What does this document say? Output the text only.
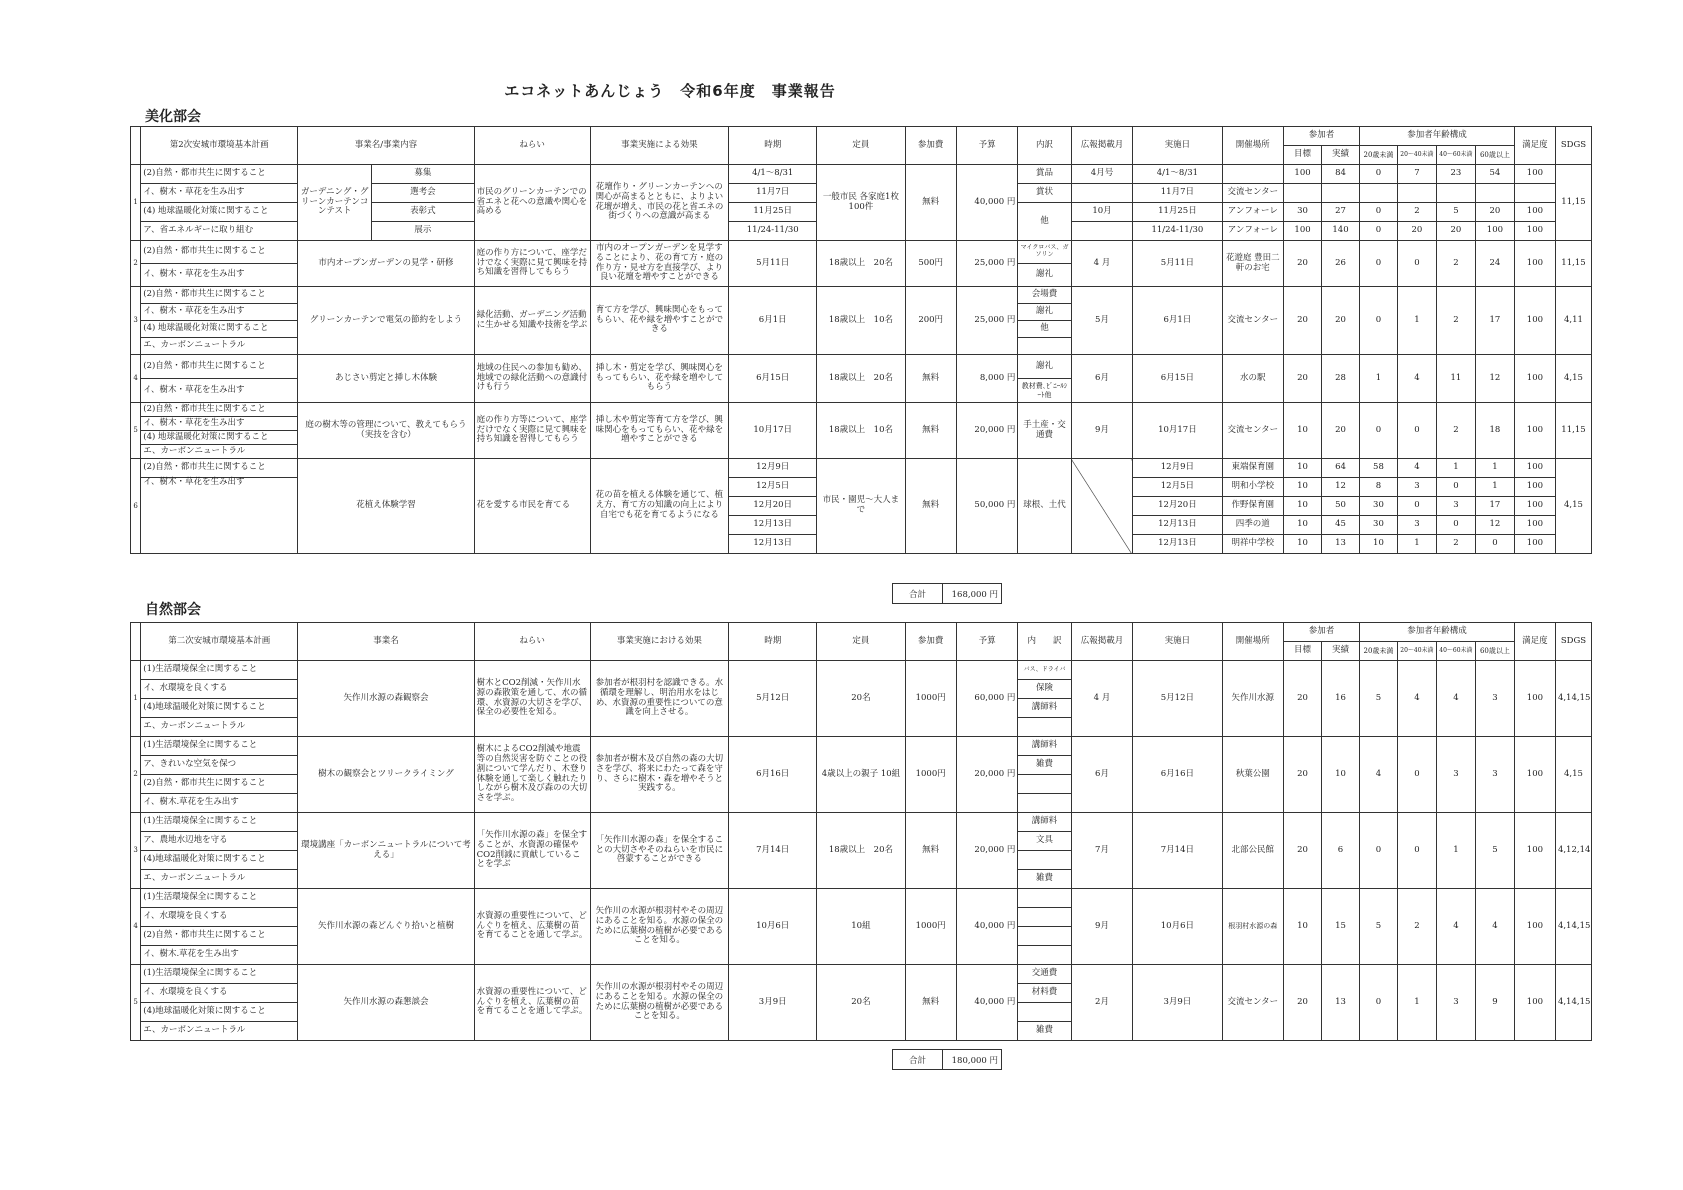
エコネットあんじょう　令和6年度　事業報告
美化部会
自然部会
	第2次安城市環境基本計画	事業名/事業内容		ねらい	事業実施による効果	時期	定員	参加費	予算	内訳	広報掲載月	実施日	開催場所	参加者		参加者年齢構成				満足度	SDGS
														目標	実績	20歳未満	20～40未満	40～60未満	60歳以上		
1	(2)自然・都市共生に関すること	ガーデニング・グリーンカーテンコンテスト	募集	市民のグリーンカーテンでの省エネと花への意識や関心を高める	花壇作り・グリーンカーテンへの関心が高まるとともに、よりよい花壇が増え、市民の花と省エネの街づくりへの意識が高まる	4/1～8/31	一般市民 各家庭1枚　100件	無料	40,000 円	賞品	4月号	4/1～8/31		100	84	0	7	23	54	100	11,15
	イ、樹木・草花を生み出す		選考会			11月7日				賞状		11月7日	交流センター								
	(4) 地球温暖化対策に関すること		表彰式			11月25日				他	10月	11月25日	アンフォーレ	30	27	0	2	5	20	100	
	ア、省エネルギーに取り組む		展示			11/24-11/30						11/24-11/30	アンフォーレ	100	140	0	20	20	100	100	
2	(2)自然・都市共生に関すること	市内オープンガーデンの見学・研修		庭の作り方について、座学だけでなく実際に見て興味を持ち知識を習得してもらう	市内のオープンガーデンを見学することにより、花の育て方・庭の作り方・見せ方を直接学び、より良い花壇を増やすことができる	5月11日	18歳以上　20名	500円	25,000 円	マイクロバス、ガソリン	4 月	5月11日	花遊庭 豊田二軒のお宅	20	26	0	0	2	24	100	11,15
	イ、樹木・草花を生み出す									謝礼											
3	(2)自然・都市共生に関すること	グリーンカーテンで電気の節約をしよう		緑化活動、ガーデニング活動に生かせる知識や技術を学ぶ	育て方を学び、興味関心をもってもらい、花や緑を増やすことができる	6月1日	18歳以上　10名	200円	25,000 円	会場費	5月	6月1日	交流センター	20	20	0	1	2	17	100	4,11
	イ、樹木・草花を生み出す									謝礼											
	(4) 地球温暖化対策に関すること									他											
	エ、カーボンニュートラル																				
4	(2)自然・都市共生に関すること	あじさい剪定と挿し木体験		地域の住民への参加も勧め、地域での緑化活動への意識付けも行う	挿し木・剪定を学び、興味関心をもってもらい、花や緑を増やしてもらう	6月15日	18歳以上　20名	無料	8,000 円	謝礼	6月	6月15日	水の駅	20	28	1	4	11	12	100	4,15
	イ、樹木・草花を生み出す									教材費､ﾋﾞﾆｰﾙｼｰﾄ他											
5	(2)自然・都市共生に関すること	庭の樹木等の管理について、教えてもらう（実技を含む）		庭の作り方等について、座学だけでなく実際に見て興味を持ち知識を習得してもらう	挿し木や剪定等育て方を学び、興味関心をもってもらい、花や緑を増やすことができる	10月17日	18歳以上　10名	無料	20,000 円	手土産・交通費	9月	10月17日	交流センター	10	20	0	0	2	18	100	11,15
	イ、樹木・草花を生み出す																				
	(4) 地球温暖化対策に関すること																				
	エ、カーボンニュートラル																				
6	(2)自然・都市共生に関すること	花植え体験学習		花を愛する市民を育てる	花の苗を植える体験を通じて、植え方、育て方の知識の向上により自宅でも花を育てるようになる	12月9日	市民・園児～大人まで	無料	50,000 円	球根、土代		12月9日	東端保育園	10	64	58	4	1	1	100	4,15
	イ、樹木・草花を生み出す					12月5日						12月5日	明和小学校	10	12	8	3	0	1	100	
						12月20日						12月20日	作野保育園	10	50	30	0	3	17	100	
						12月13日						12月13日	四季の道	10	45	30	3	0	12	100	
						12月13日						12月13日	明祥中学校	10	13	10	1	2	0	100	
合計	168,000 円
	第二次安城市環境基本計画	事業名	ねらい	事業実施における効果	時期	定員	参加費	予算	内　　訳	広報掲載月	実施日	開催場所	参加者		参加者年齢構成				満足度	SDGS
													目標	実績	20歳未満	20～40未満	40～60未満	60歳以上		
1	(1)生活環境保全に関すること	矢作川水源の森観察会	樹木とCO2削減・矢作川水源の森散策を通して、水の循環、水資源の大切さを学び、保全の必要性を知る。	参加者が根羽村を認識できる。水循環を理解し、明治用水をはじめ、水資源の重要性についての意識を向上させる。	5月12日	20名	1000円	60,000 円	バス、ドライバ	4 月	5月12日	矢作川水源	20	16	5	4	4	3	100	4,14,15
	イ、水環境を良くする								保険											
	(4)地球温暖化対策に関すること								講師料											
	エ、カーボンニュートラル																			
2	(1)生活環境保全に関すること	樹木の観察会とツリークライミング	樹木によるCO2削減や地震等の自然災害を防ぐことの役割について学んだり、木登り体験を通して楽しく触れたりしながら樹木及び森のの大切さを学ぶ。	参加者が樹木及び自然の森の大切さを学び、将来にわたって森を守り、さらに樹木・森を増やそうと実践する。	6月16日	4歳以上の親子 10組	1000円	20,000 円	講師料	6月	6月16日	秋葉公園	20	10	4	0	3	3	100	4,15
	ア、きれいな空気を保つ								雑費											
	(2)自然・都市共生に関すること																			
	イ、樹木.草花を生み出す																			
3	(1)生活環境保全に関すること	環境講座「カーボンニュートラルについて考える」	「矢作川水源の森」を保全することが、水資源の確保やCO2削減に貢献していることを学ぶ	「矢作川水源の森」を保全することの大切さやそのねらいを市民に啓蒙することができる	7月14日	18歳以上　20名	無料	20,000 円	講師料	7月	7月14日	北部公民館	20	6	0	0	1	5	100	4,12,14
	ア、農地水辺地を守る								文具											
	(4)地球温暖化対策に関すること																			
	エ、カーボンニュートラル								雑費											
4	(1)生活環境保全に関すること	矢作川水源の森どんぐり拾いと植樹	水資源の重要性について、どんぐりを植え、広葉樹の苗を育てることを通して学ぶ。	矢作川の水源が根羽村やその周辺にあることを知る。水源の保全のために広葉樹の植樹が必要であることを知る。	10月6日	10組	1000円	40,000 円		9月	10月6日	根羽村水源の森	10	15	5	2	4	4	100	4,14,15
	イ、水環境を良くする																			
	(2)自然・都市共生に関すること																			
	イ、樹木.草花を生み出す																			
5	(1)生活環境保全に関すること	矢作川水源の森懇談会	水資源の重要性について、どんぐりを植え、広葉樹の苗を育てることを通して学ぶ。	矢作川の水源が根羽村やその周辺にあることを知る。水源の保全のために広葉樹の植樹が必要であることを知る。	3月9日	20名	無料	40,000 円	交通費	2月	3月9日	交流センター	20	13	0	1	3	9	100	4,14,15
	イ、水環境を良くする								材料費											
	(4)地球温暖化対策に関すること																			
	エ、カーボンニュートラル								雑費											
合計	180,000 円
